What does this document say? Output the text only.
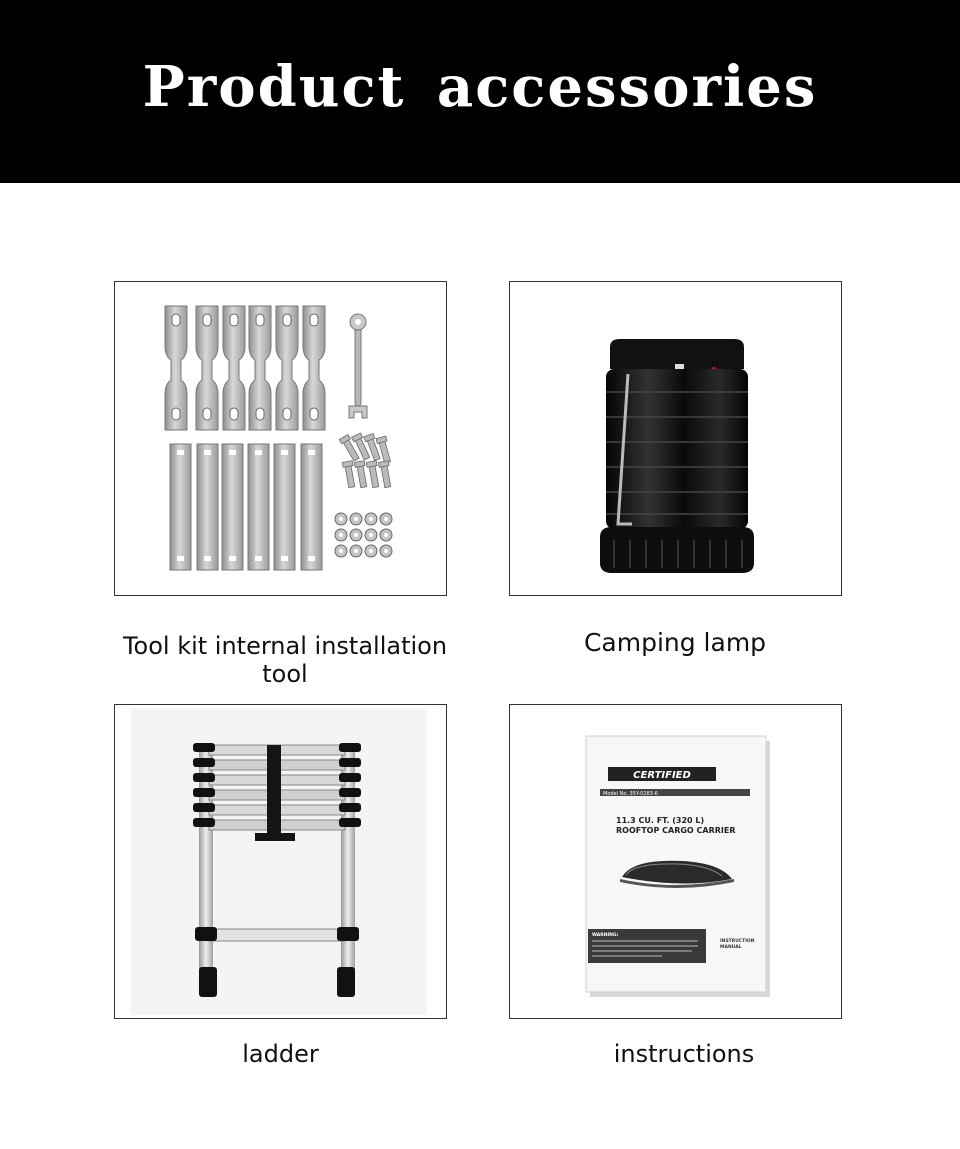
Product accessories
Tool kit internal installation tool
Camping lamp
ladder
CERTIFIED
Model No. 35Y-0283-6
11.3 CU. FT. (320 L)
ROOFTOP CARGO CARRIER
WARNING:
INSTRUCTION
MANUAL
instructions
